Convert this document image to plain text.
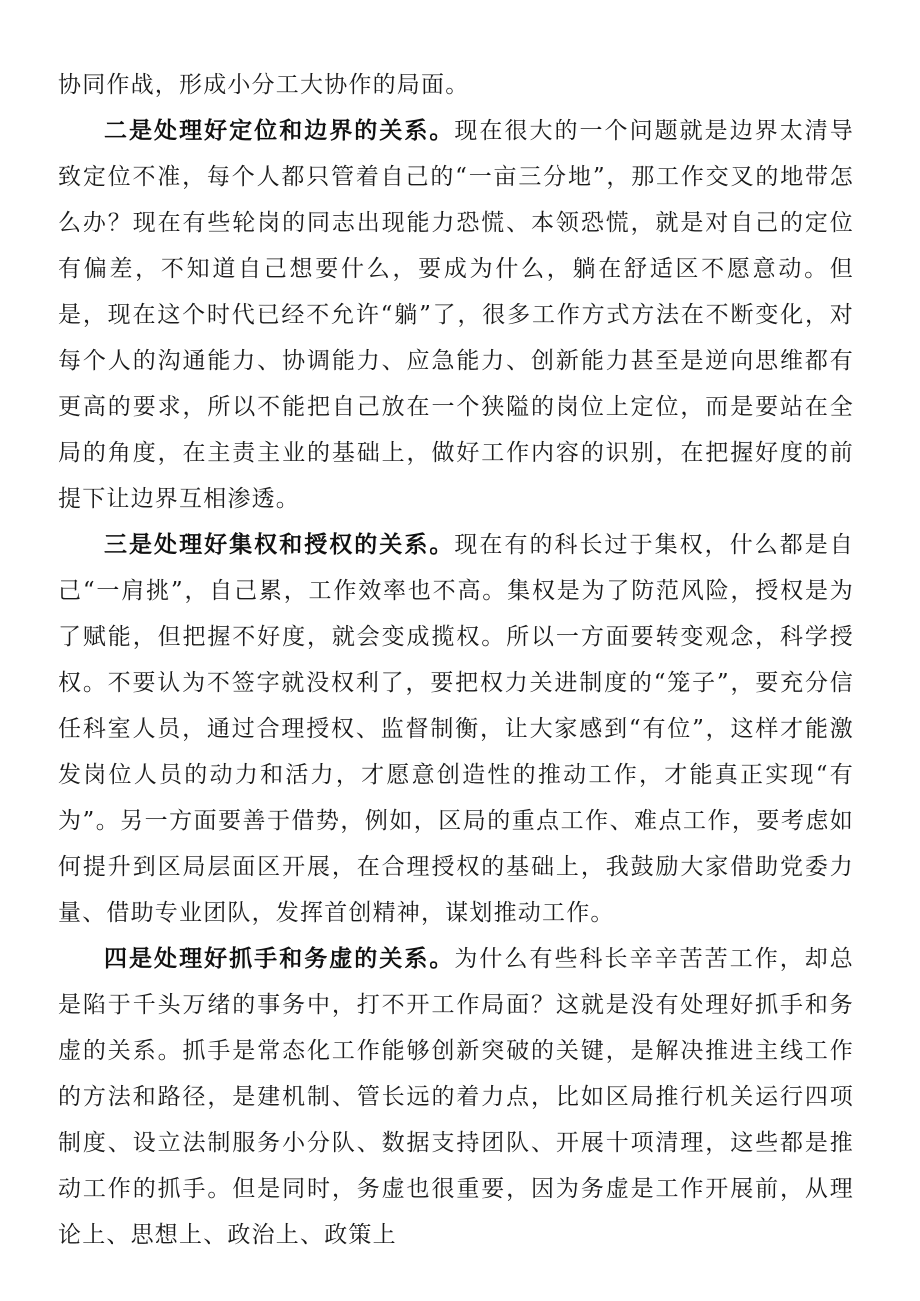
协同作战，形成小分工大协作的局面。

二是处理好定位和边界的关系。现在很大的一个问题就是边界太清导致定位不准，每个人都只管着自己的“一亩三分地”，那工作交叉的地带怎么办？现在有些轮岗的同志出现能力恐慌、本领恐慌，就是对自己的定位有偏差，不知道自己想要什么，要成为什么，躺在舒适区不愿意动。但是，现在这个时代已经不允许“躺”了，很多工作方式方法在不断变化，对每个人的沟通能力、协调能力、应急能力、创新能力甚至是逆向思维都有更高的要求，所以不能把自己放在一个狭隘的岗位上定位，而是要站在全局的角度，在主责主业的基础上，做好工作内容的识别，在把握好度的前提下让边界互相渗透。

三是处理好集权和授权的关系。现在有的科长过于集权，什么都是自己“一肩挑”，自己累，工作效率也不高。集权是为了防范风险，授权是为了赋能，但把握不好度，就会变成揽权。所以一方面要转变观念，科学授权。不要认为不签字就没权利了，要把权力关进制度的“笼子”，要充分信任科室人员，通过合理授权、监督制衡，让大家感到“有位”，这样才能激发岗位人员的动力和活力，才愿意创造性的推动工作，才能真正实现“有为”。另一方面要善于借势，例如，区局的重点工作、难点工作，要考虑如何提升到区局层面区开展，在合理授权的基础上，我鼓励大家借助党委力量、借助专业团队，发挥首创精神，谋划推动工作。

四是处理好抓手和务虚的关系。为什么有些科长辛辛苦苦工作，却总是陷于千头万绪的事务中，打不开工作局面？这就是没有处理好抓手和务虚的关系。抓手是常态化工作能够创新突破的关键，是解决推进主线工作的方法和路径，是建机制、管长远的着力点，比如区局推行机关运行四项制度、设立法制服务小分队、数据支持团队、开展十项清理，这些都是推动工作的抓手。但是同时，务虚也很重要，因为务虚是工作开展前，从理论上、思想上、政治上、政策上
